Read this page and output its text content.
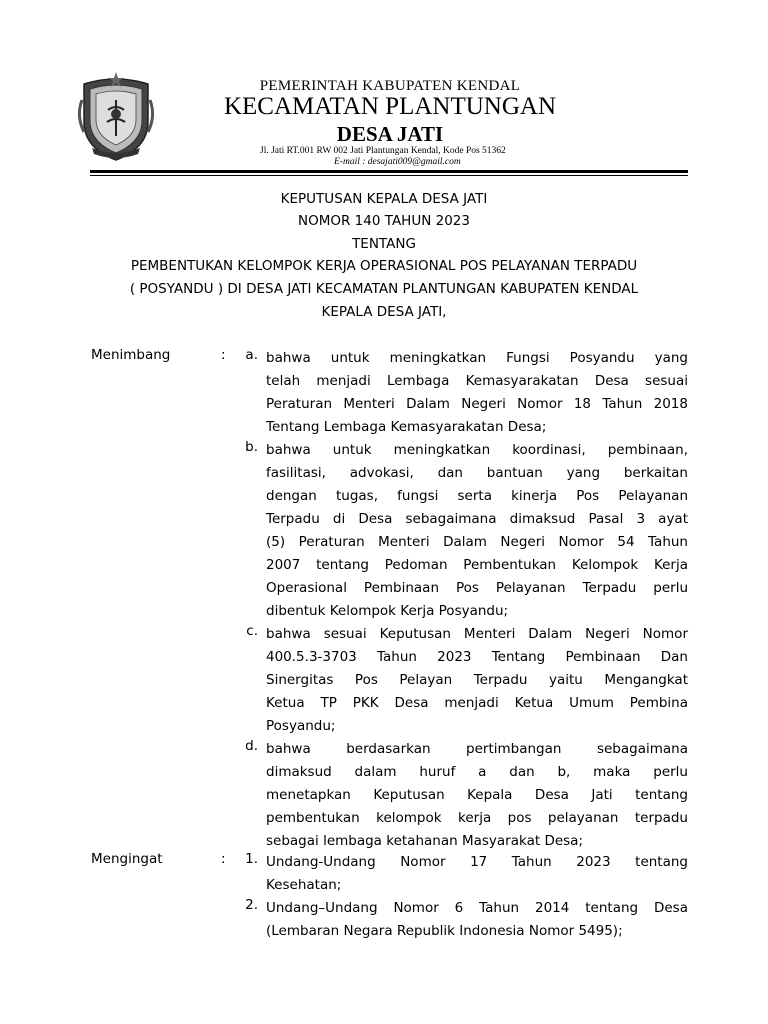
PEMERINTAH KABUPATEN KENDAL
KECAMATAN PLANTUNGAN
DESA JATI
Jl. Jati RT.001 RW 002 Jati Plantungan Kendal, Kode Pos 51362
E-mail : desajati009@gmail.com
KEPUTUSAN KEPALA DESA JATI
NOMOR 140 TAHUN 2023
TENTANG
PEMBENTUKAN KELOMPOK KERJA OPERASIONAL POS PELAYANAN TERPADU
( POSYANDU ) DI DESA JATI KECAMATAN PLANTUNGAN KABUPATEN KENDAL
KEPALA DESA JATI,
Menimbang	:	a. bahwa untuk meningkatkan Fungsi Posyandu yang
telah menjadi Lembaga Kemasyarakatan Desa sesuai
Peraturan Menteri Dalam Negeri Nomor 18 Tahun 2018
Tentang Lembaga Kemasyarakatan Desa;
b. bahwa untuk meningkatkan koordinasi, pembinaan,
fasilitasi, advokasi, dan bantuan yang berkaitan
dengan tugas, fungsi serta kinerja Pos Pelayanan
Terpadu di Desa sebagaimana dimaksud Pasal 3 ayat
(5) Peraturan Menteri Dalam Negeri Nomor 54 Tahun
2007 tentang Pedoman Pembentukan Kelompok Kerja
Operasional Pembinaan Pos Pelayanan Terpadu perlu
dibentuk Kelompok Kerja Posyandu;
c. bahwa sesuai Keputusan Menteri Dalam Negeri Nomor
400.5.3-3703 Tahun 2023 Tentang Pembinaan Dan
Sinergitas Pos Pelayan Terpadu yaitu Mengangkat
Ketua TP PKK Desa menjadi Ketua Umum Pembina
Posyandu;
d. bahwa berdasarkan pertimbangan sebagaimana
dimaksud dalam huruf a dan b, maka perlu
menetapkan Keputusan Kepala Desa Jati tentang
pembentukan kelompok kerja pos pelayanan terpadu
sebagai lembaga ketahanan Masyarakat Desa;
Mengingat	:	1. Undang-Undang Nomor 17 Tahun 2023 tentang
Kesehatan;
2. Undang–Undang Nomor 6 Tahun 2014 tentang Desa
(Lembaran Negara Republik Indonesia Nomor 5495);
